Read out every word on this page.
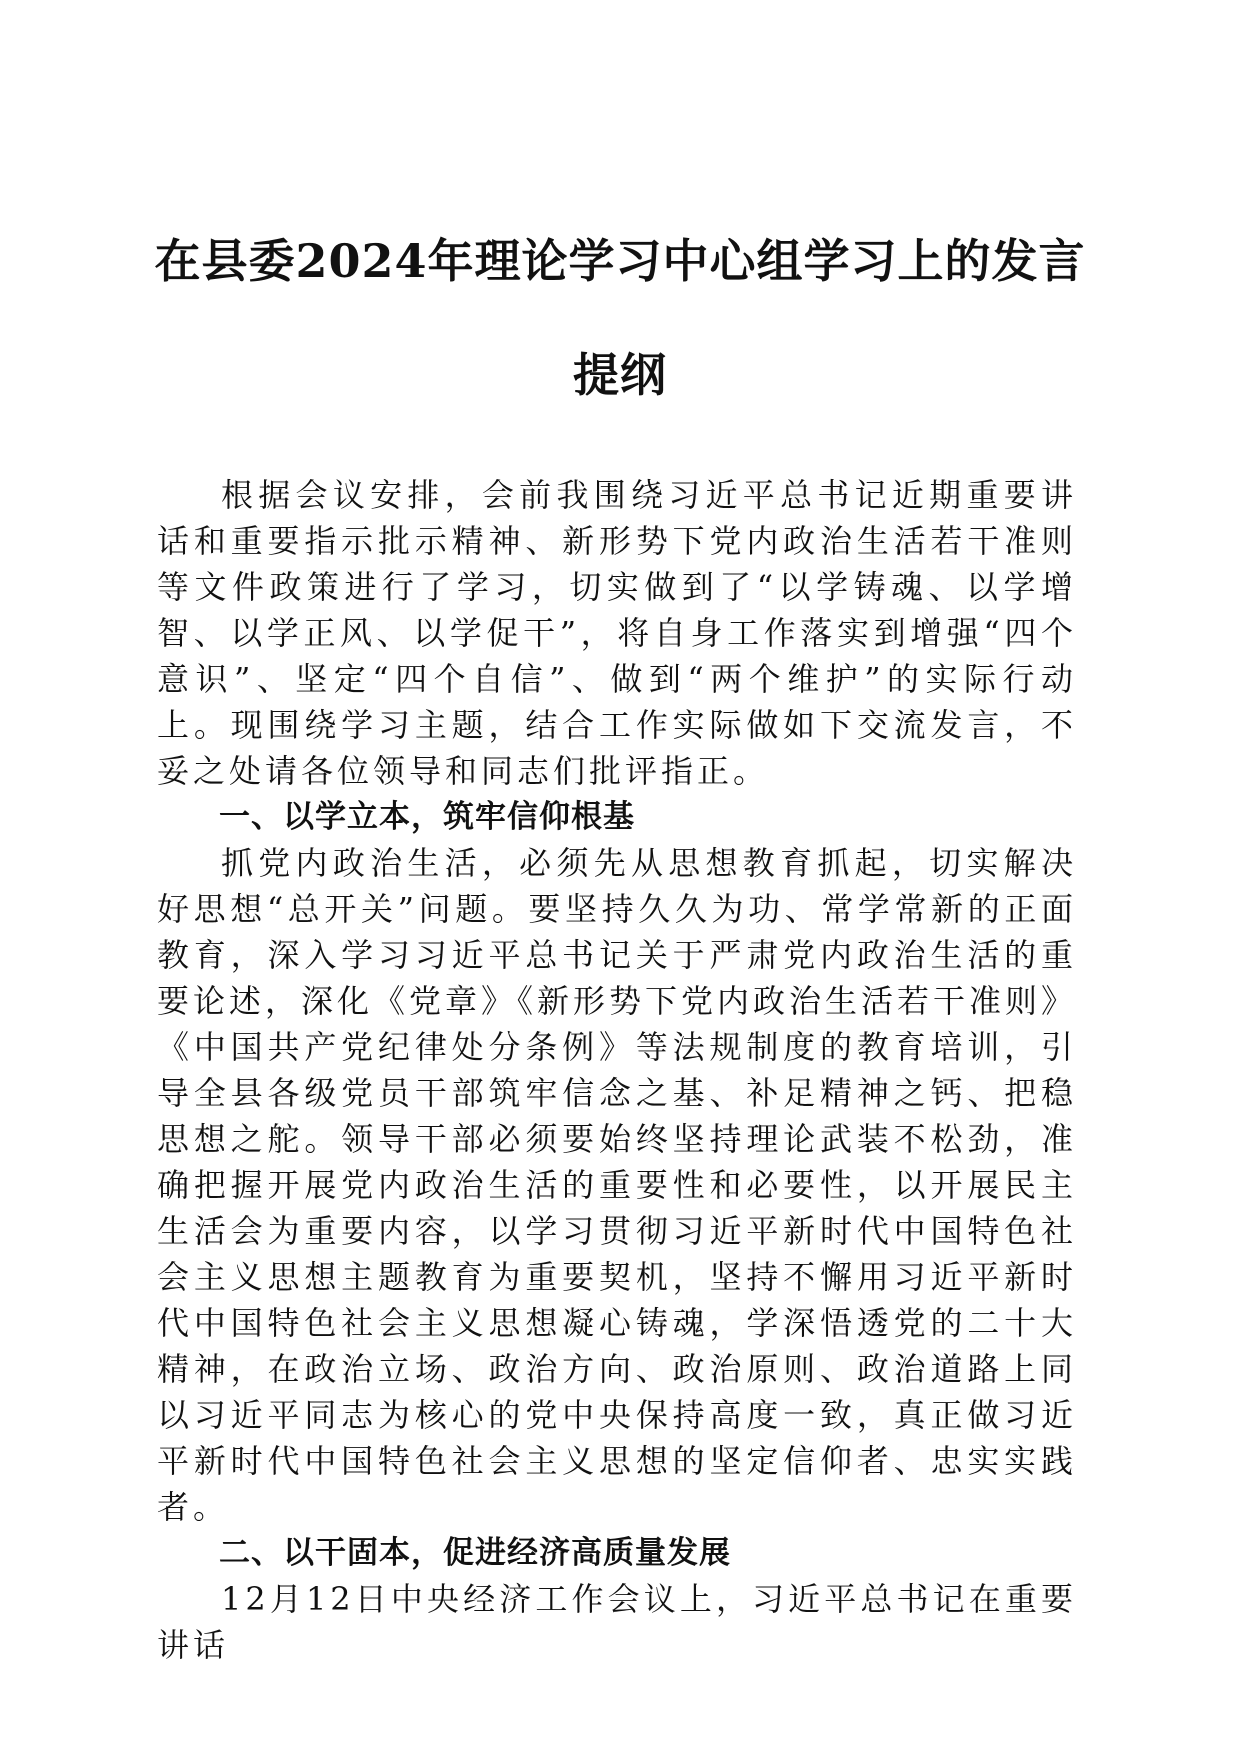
在县委2024年理论学习中心组学习上的发言
提纲

根据会议安排，会前我围绕习近平总书记近期重要讲话和重要指示批示精神、新形势下党内政治生活若干准则等文件政策进行了学习，切实做到了“以学铸魂、以学增智、以学正风、以学促干”，将自身工作落实到增强“四个意识”、坚定“四个自信”、做到“两个维护”的实际行动上。现围绕学习主题，结合工作实际做如下交流发言，不妥之处请各位领导和同志们批评指正。

一、以学立本，筑牢信仰根基

抓党内政治生活，必须先从思想教育抓起，切实解决好思想“总开关”问题。要坚持久久为功、常学常新的正面教育，深入学习习近平总书记关于严肃党内政治生活的重要论述，深化《党章》《新形势下党内政治生活若干准则》《中国共产党纪律处分条例》等法规制度的教育培训，引导全县各级党员干部筑牢信念之基、补足精神之钙、把稳思想之舵。领导干部必须要始终坚持理论武装不松劲，准确把握开展党内政治生活的重要性和必要性，以开展民主生活会为重要内容，以学习贯彻习近平新时代中国特色社会主义思想主题教育为重要契机，坚持不懈用习近平新时代中国特色社会主义思想凝心铸魂，学深悟透党的二十大精神，在政治立场、政治方向、政治原则、政治道路上同以习近平同志为核心的党中央保持高度一致，真正做习近平新时代中国特色社会主义思想的坚定信仰者、忠实实践者。

二、以干固本，促进经济高质量发展

12月12日中央经济工作会议上，习近平总书记在重要讲话
